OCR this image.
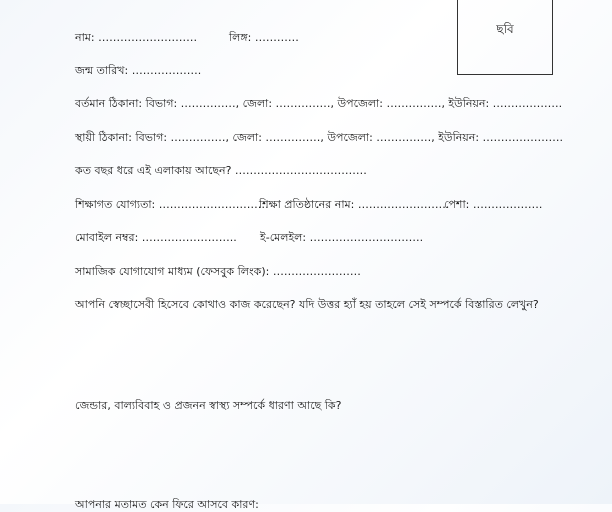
ছবি
নাম: ………………………	লিঙ্গ: …………
জন্ম তারিখ: ……………….
বর্তমান ঠিকানা: বিভাগ: ……………, জেলা: ……………, উপজেলা: ……………, ইউনিয়ন: ……………….
স্থায়ী ঠিকানা: বিভাগ: ……………, জেলা: ……………, উপজেলা: ……………, ইউনিয়ন: ………………….
কত বছর ধরে এই এলাকায় আছেন? ………………………………
শিক্ষাগত যোগ্যতা: …………………………
শিক্ষা প্রতিষ্ঠানের নাম: ……………………
পেশা: ……………….
মোবাইল নম্বর: …………………….. ই-মেলইল: ………………………….
সামাজিক যোগাযোগ মাধ্যম (ফেসবুক লিংক): ……………………
আপনি স্বেচ্ছাসেবী হিসেবে কোথাও কাজ করেছেন? যদি উত্তর হ্যাঁ হয় তাহলে সেই সম্পর্কে বিস্তারিত লেখুন?
জেন্ডার, বাল্যবিবাহ ও প্রজনন স্বাস্থ্য সম্পর্কে ধারণা আছে কি?
আপনার মতামত কেন ফিরে আসবে কারণ:
